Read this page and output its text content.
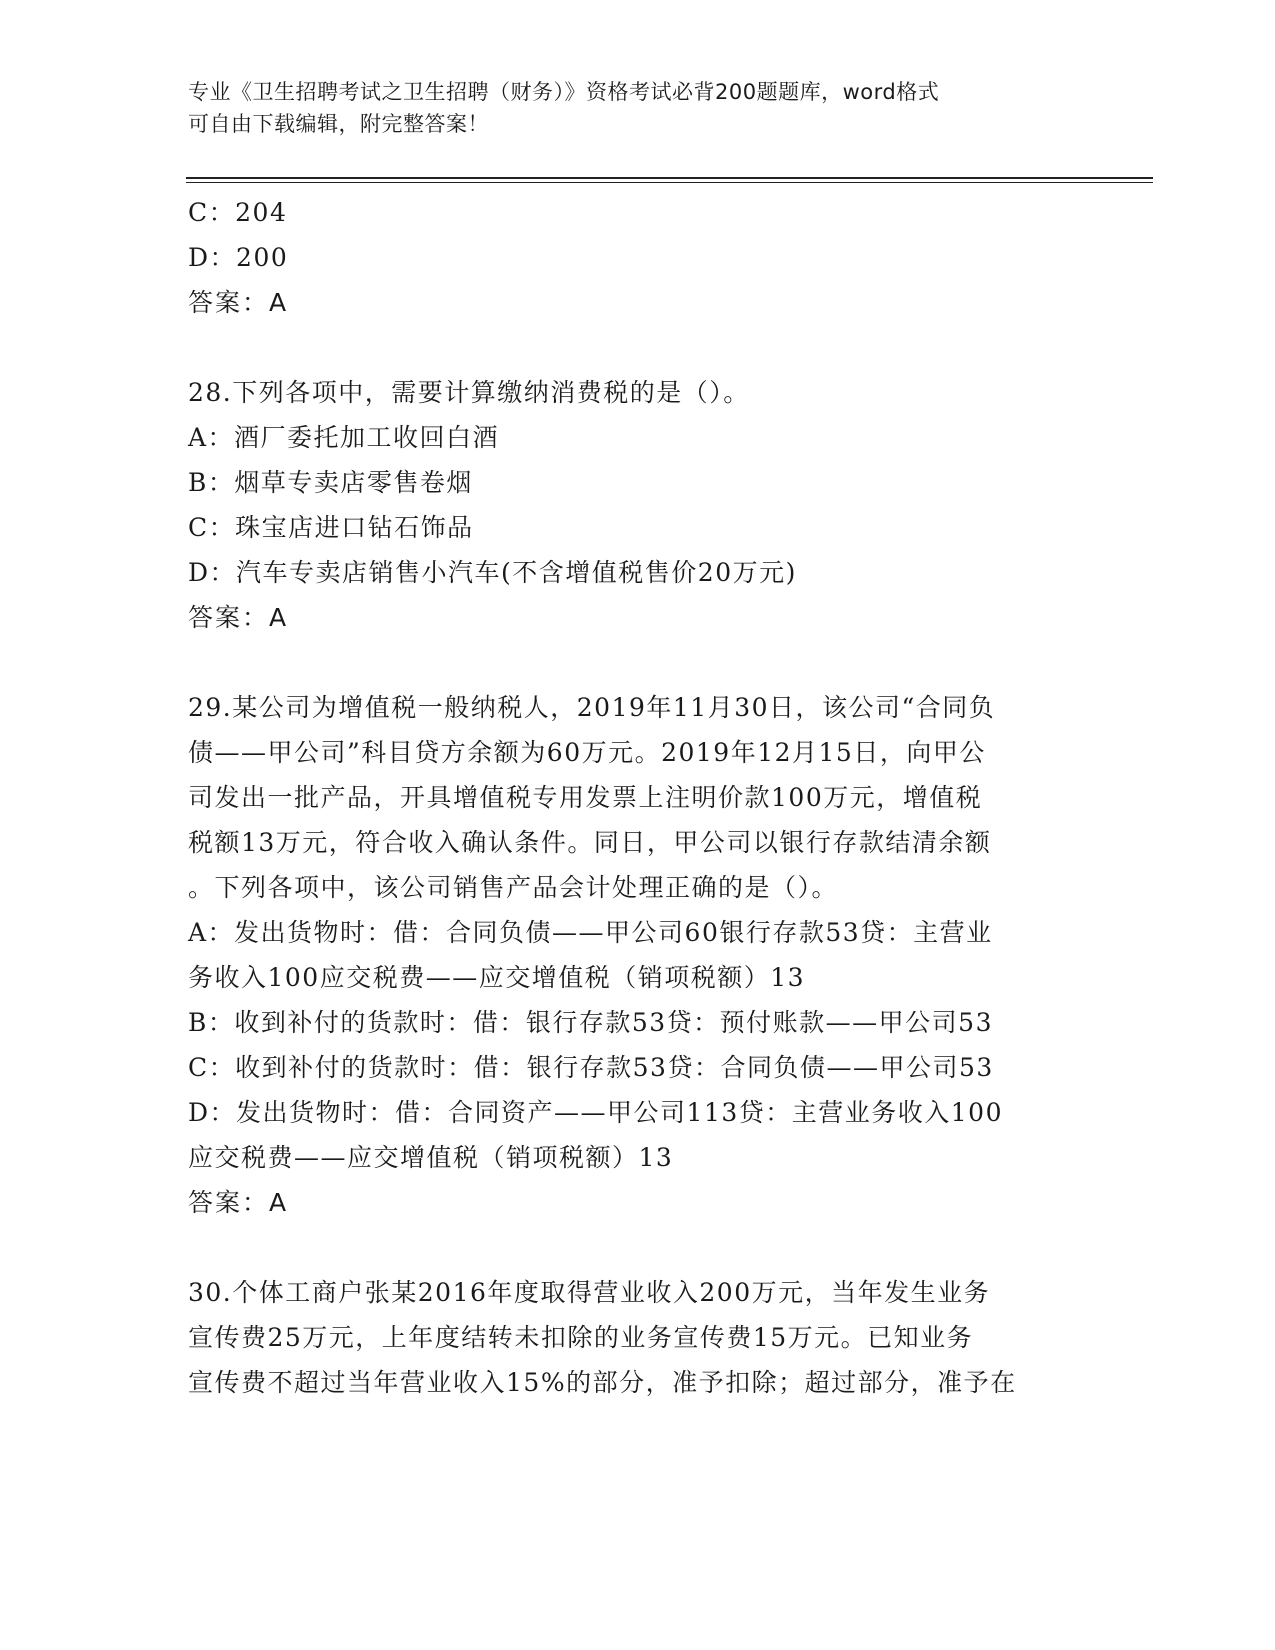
专业《卫生招聘考试之卫生招聘（财务）》资格考试必背200题题库，word格式
可自由下载编辑，附完整答案！
C：204
D：200
答案：A
28.下列各项中，需要计算缴纳消费税的是（）。
A：酒厂委托加工收回白酒
B：烟草专卖店零售卷烟
C：珠宝店进口钻石饰品
D：汽车专卖店销售小汽车(不含增值税售价20万元)
答案：A
29.某公司为增值税一般纳税人，2019年11月30日，该公司“合同负
债——甲公司”科目贷方余额为60万元。2019年12月15日，向甲公
司发出一批产品，开具增值税专用发票上注明价款100万元，增值税
税额13万元，符合收入确认条件。同日，甲公司以银行存款结清余额
。下列各项中，该公司销售产品会计处理正确的是（）。
A：发出货物时：借：合同负债——甲公司60银行存款53贷：主营业
务收入100应交税费——应交增值税（销项税额）13
B：收到补付的货款时：借：银行存款53贷：预付账款——甲公司53
C：收到补付的货款时：借：银行存款53贷：合同负债——甲公司53
D：发出货物时：借：合同资产——甲公司113贷：主营业务收入100
应交税费——应交增值税（销项税额）13
答案：A
30.个体工商户张某2016年度取得营业收入200万元，当年发生业务
宣传费25万元，上年度结转未扣除的业务宣传费15万元。已知业务
宣传费不超过当年营业收入15%的部分，准予扣除；超过部分，准予在
